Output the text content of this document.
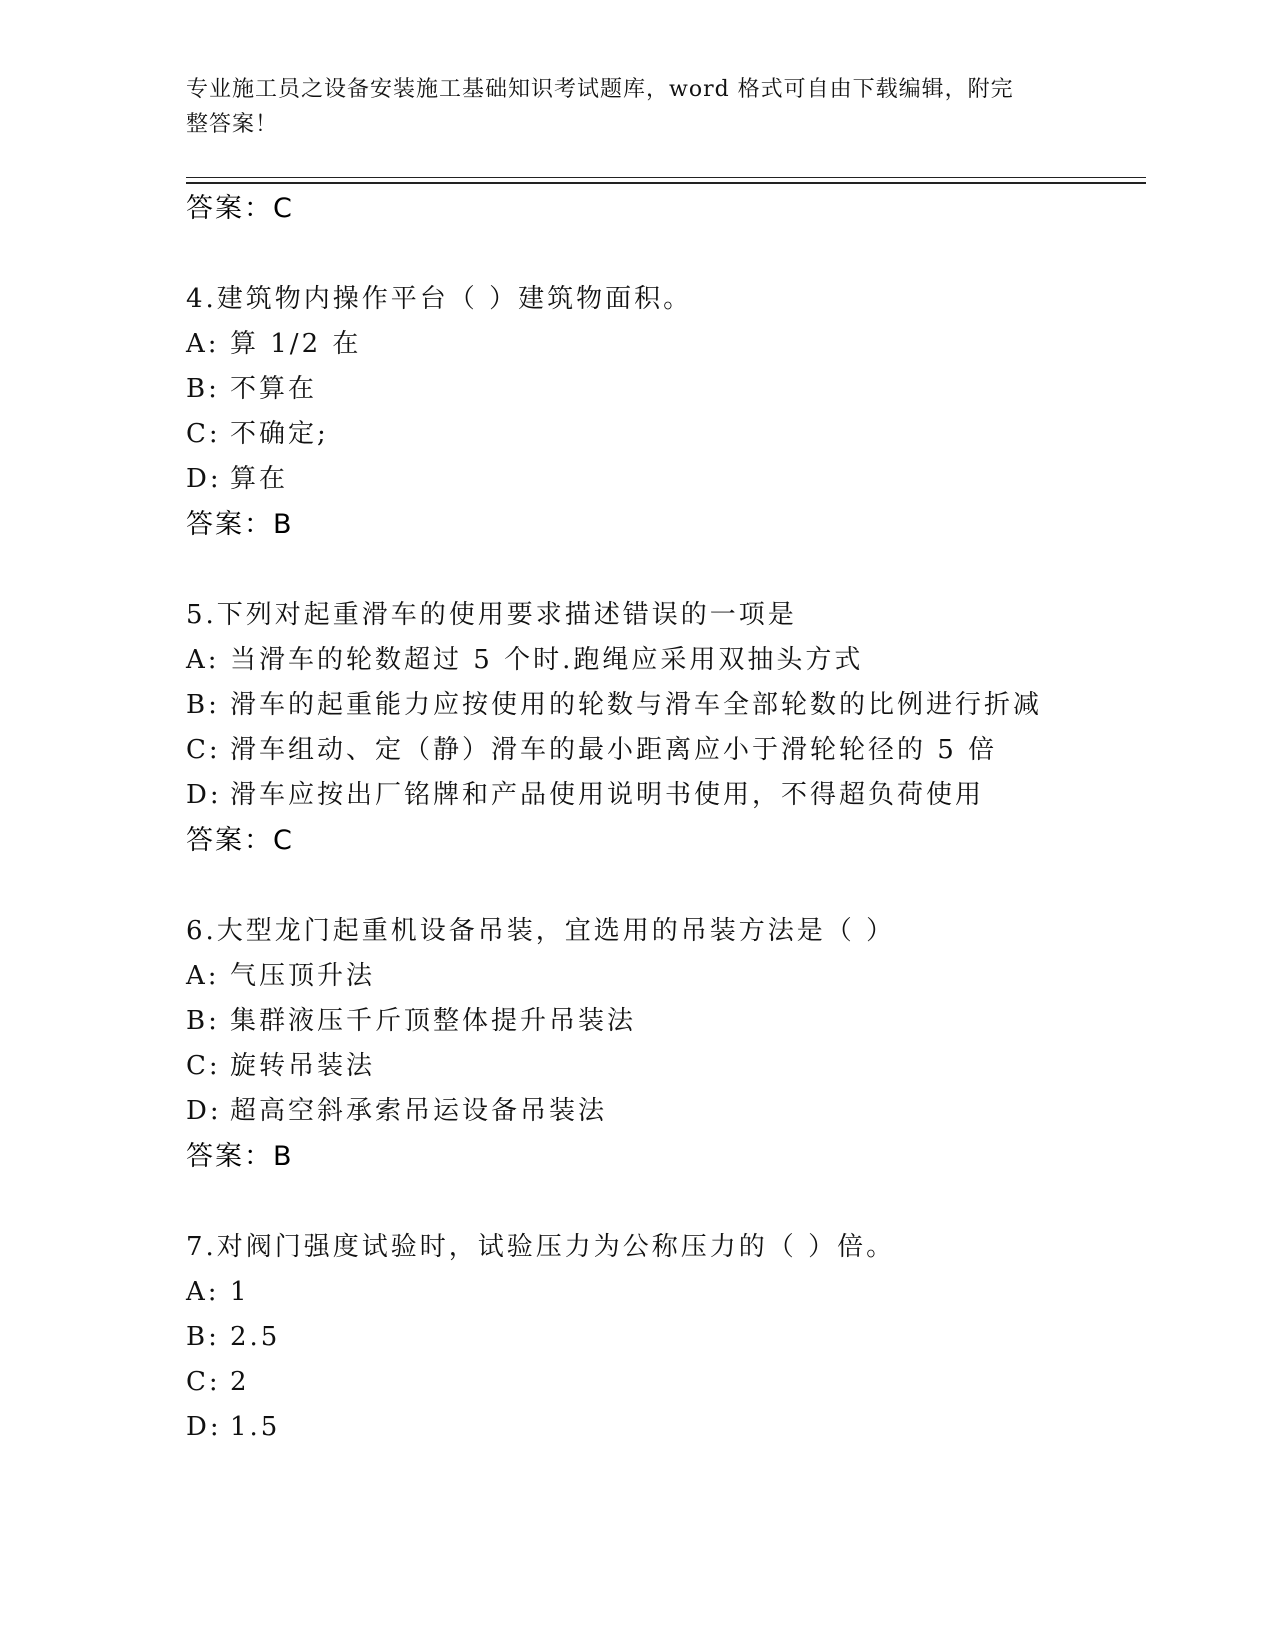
专业施工员之设备安装施工基础知识考试题库，word 格式可自由下载编辑，附完
整答案！
答案：C
4.建筑物内操作平台（ ）建筑物面积。
A: 算 1/2 在
B: 不算在
C: 不确定;
D: 算在
答案：B
5.下列对起重滑车的使用要求描述错误的一项是
A: 当滑车的轮数超过 5 个时.跑绳应采用双抽头方式
B: 滑车的起重能力应按使用的轮数与滑车全部轮数的比例进行折减
C: 滑车组动、定（静）滑车的最小距离应小于滑轮轮径的 5 倍
D: 滑车应按出厂铭牌和产品使用说明书使用，不得超负荷使用
答案：C
6.大型龙门起重机设备吊装，宜选用的吊装方法是（ ）
A: 气压顶升法
B: 集群液压千斤顶整体提升吊装法
C: 旋转吊装法
D: 超高空斜承索吊运设备吊装法
答案：B
7.对阀门强度试验时，试验压力为公称压力的（ ）倍。
A: 1
B: 2.5
C: 2
D: 1.5
